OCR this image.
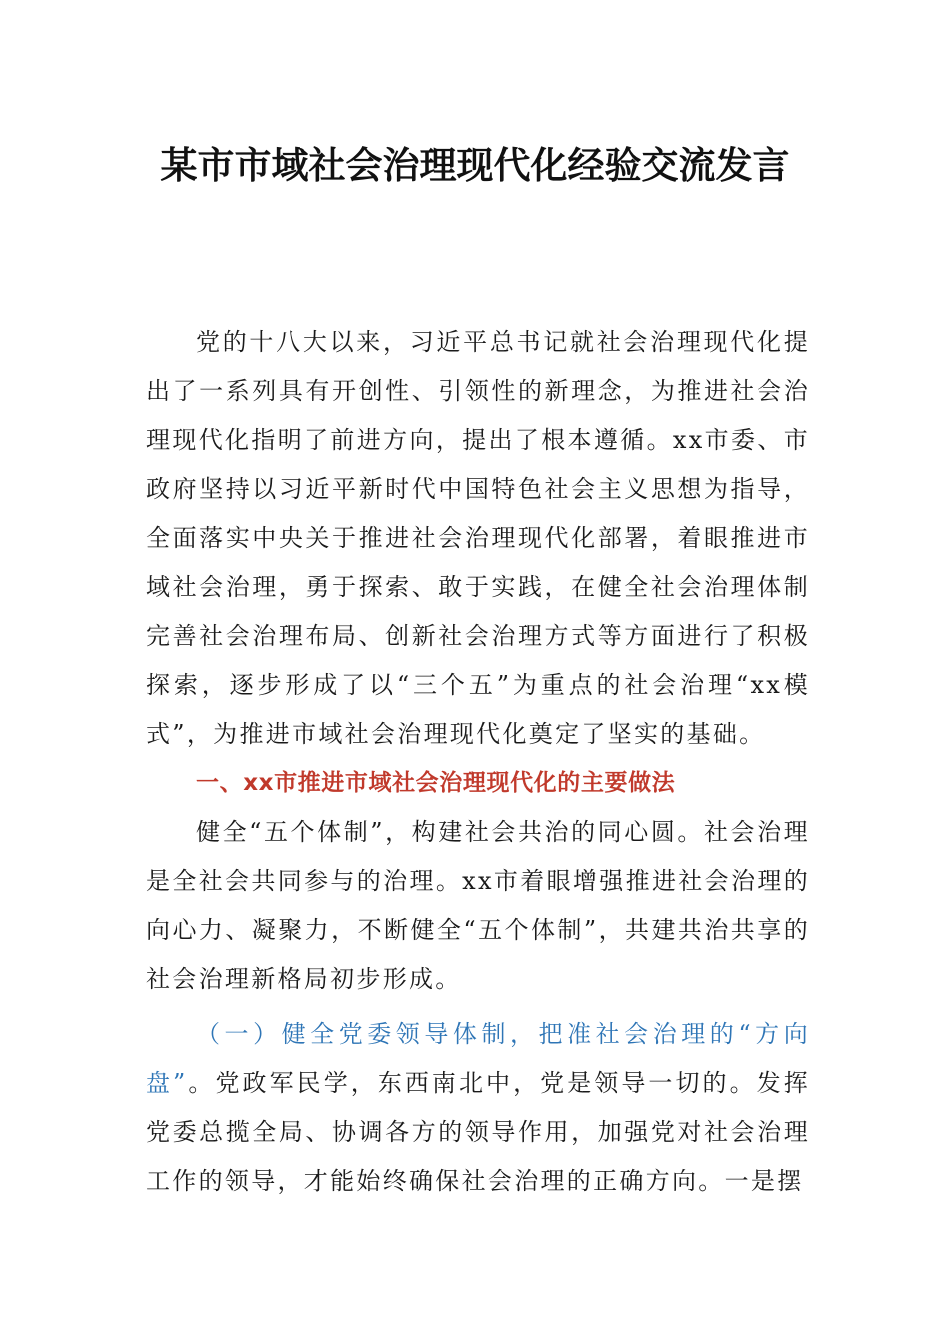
某市市域社会治理现代化经验交流发言

党的十八大以来，习近平总书记就社会治理现代化提出了一系列具有开创性、引领性的新理念，为推进社会治理现代化指明了前进方向，提出了根本遵循。xx市委、市政府坚持以习近平新时代中国特色社会主义思想为指导，全面落实中央关于推进社会治理现代化部署，着眼推进市域社会治理，勇于探索、敢于实践，在健全社会治理体制完善社会治理布局、创新社会治理方式等方面进行了积极探索，逐步形成了以“三个五”为重点的社会治理“xx模式”，为推进市域社会治理现代化奠定了坚实的基础。

一、xx市推进市域社会治理现代化的主要做法

健全“五个体制”，构建社会共治的同心圆。社会治理是全社会共同参与的治理。xx市着眼增强推进社会治理的向心力、凝聚力，不断健全“五个体制”，共建共治共享的社会治理新格局初步形成。

（一）健全党委领导体制，把准社会治理的“方向盘”。党政军民学，东西南北中，党是领导一切的。发挥党委总揽全局、协调各方的领导作用，加强党对社会治理工作的领导，才能始终确保社会治理的正确方向。一是摆
